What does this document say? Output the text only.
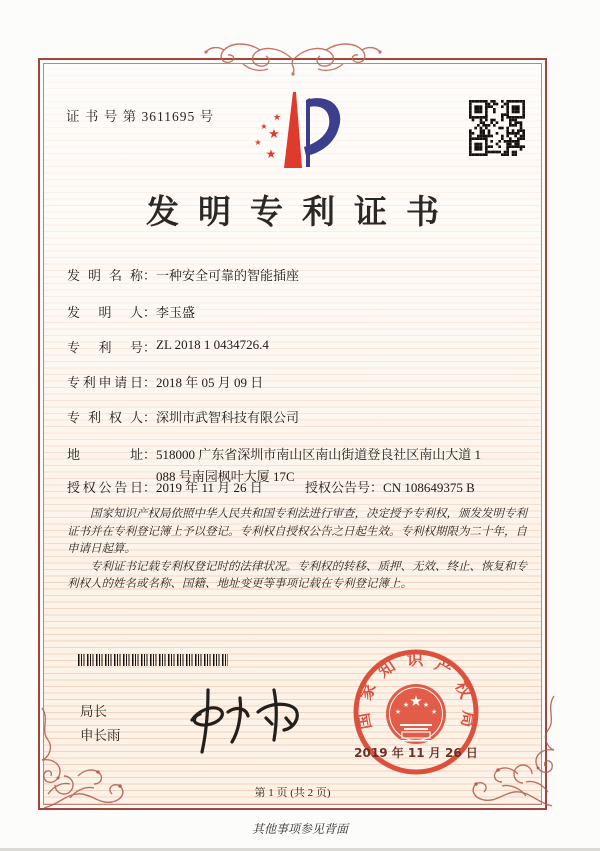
证 书 号 第 3611695 号	★
★
★
★
★
发明专利证书
发明名称：一种安全可靠的智能插座
发明人：李玉盛
专利号：ZL 2018 1 0434726.4
专利申请日：2018 年 05 月 09 日
专利权人：深圳市武智科技有限公司
地址：518000 广东省深圳市南山区南山街道登良社区南山大道 1
088 号南园枫叶大厦 17C
授权公告日：2019 年 11 月 26 日	授权公告号：CN 108649375 B

国家知识产权局依照中华人民共和国专利法进行审查，决定授予专利权，颁发发明专利证书并在专利登记簿上予以登记。专利权自授权公告之日起生效。专利权期限为二十年，自申请日起算。

专利证书记载专利权登记时的法律状况。专利权的转移、质押、无效、终止、恢复和专利权人的姓名或名称、国籍、地址变更等事项记载在专利登记簿上。

局长
申长雨
国家知识产权局
★
★
★ ★
★
2019 年 11 月 26 日
第 1 页 (共 2 页)
其他事项参见背面
